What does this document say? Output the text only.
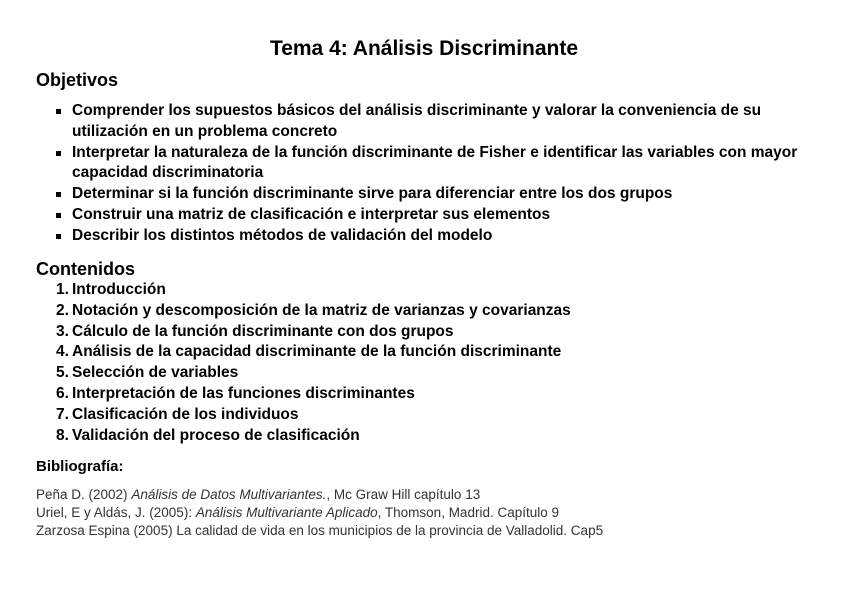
Tema 4: Análisis Discriminante
Objetivos
Comprender los supuestos básicos del análisis discriminante y valorar la conveniencia de su utilización en un problema concreto
Interpretar la naturaleza de la función discriminante de Fisher e identificar las variables con mayor capacidad discriminatoria
Determinar si la función discriminante sirve para diferenciar entre los dos grupos
Construir una matriz de clasificación e interpretar sus elementos
Describir los distintos métodos de validación del modelo
Contenidos
1. Introducción
2. Notación y descomposición de la matriz de varianzas y covarianzas
3. Cálculo de la función discriminante con dos grupos
4. Análisis de la capacidad discriminante de la función discriminante
5. Selección de variables
6. Interpretación de las funciones discriminantes
7. Clasificación de los individuos
8. Validación del proceso de clasificación
Bibliografía:
Peña D. (2002) Análisis de Datos Multivariantes., Mc Graw Hill capítulo 13
Uriel, E y Aldás, J. (2005): Análisis Multivariante Aplicado, Thomson, Madrid. Capítulo 9
Zarzosa Espina (2005) La calidad de vida en los municipios de la provincia de Valladolid. Cap5
